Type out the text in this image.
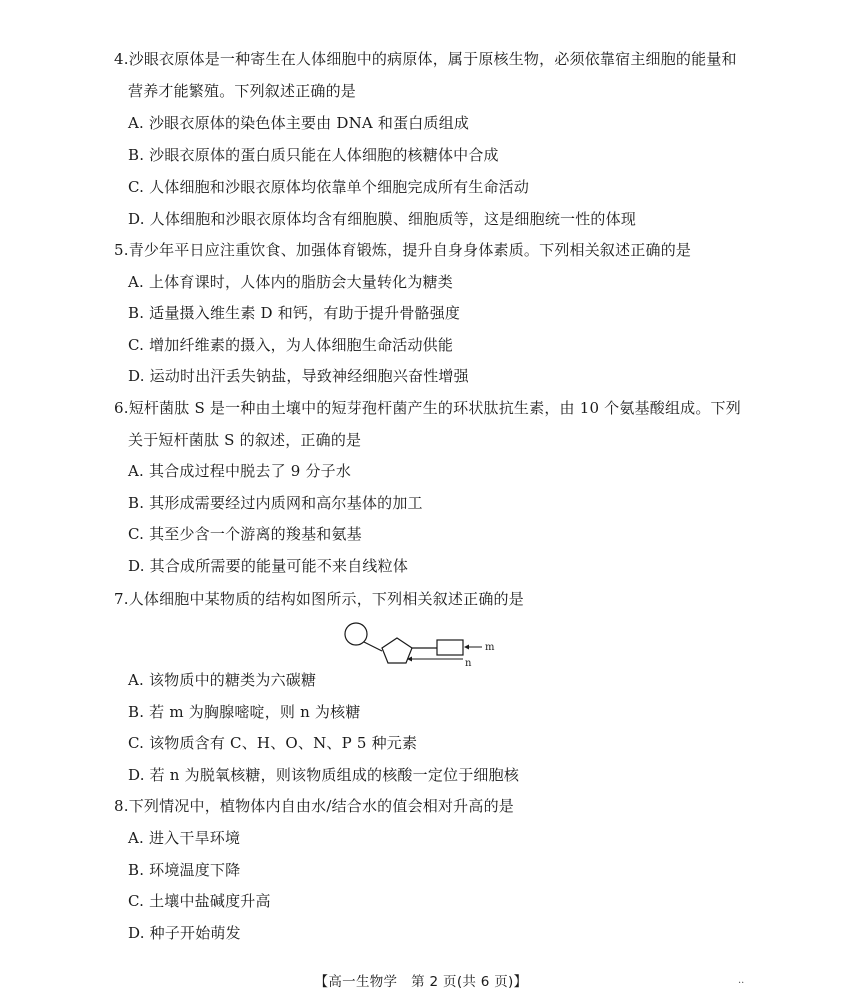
4.沙眼衣原体是一种寄生在人体细胞中的病原体，属于原核生物，必须依靠宿主细胞的能量和
营养才能繁殖。下列叙述正确的是
A. 沙眼衣原体的染色体主要由 DNA 和蛋白质组成
B. 沙眼衣原体的蛋白质只能在人体细胞的核糖体中合成
C. 人体细胞和沙眼衣原体均依靠单个细胞完成所有生命活动
D. 人体细胞和沙眼衣原体均含有细胞膜、细胞质等，这是细胞统一性的体现
5.青少年平日应注重饮食、加强体育锻炼，提升自身身体素质。下列相关叙述正确的是
A. 上体育课时，人体内的脂肪会大量转化为糖类
B. 适量摄入维生素 D 和钙，有助于提升骨骼强度
C. 增加纤维素的摄入，为人体细胞生命活动供能
D. 运动时出汗丢失钠盐，导致神经细胞兴奋性增强
6.短杆菌肽 S 是一种由土壤中的短芽孢杆菌产生的环状肽抗生素，由 10 个氨基酸组成。下列
关于短杆菌肽 S 的叙述，正确的是
A. 其合成过程中脱去了 9 分子水
B. 其形成需要经过内质网和高尔基体的加工
C. 其至少含一个游离的羧基和氨基
D. 其合成所需要的能量可能不来自线粒体
7.人体细胞中某物质的结构如图所示，下列相关叙述正确的是
m
n
A. 该物质中的糖类为六碳糖
B. 若 m 为胸腺嘧啶，则 n 为核糖
C. 该物质含有 C、H、O、N、P 5 种元素
D. 若 n 为脱氧核糖，则该物质组成的核酸一定位于细胞核
8.下列情况中，植物体内自由水/结合水的值会相对升高的是
A. 进入干旱环境
B. 环境温度下降
C. 土壤中盐碱度升高
D. 种子开始萌发
【高一生物学　第 2 页(共 6 页)】	··
